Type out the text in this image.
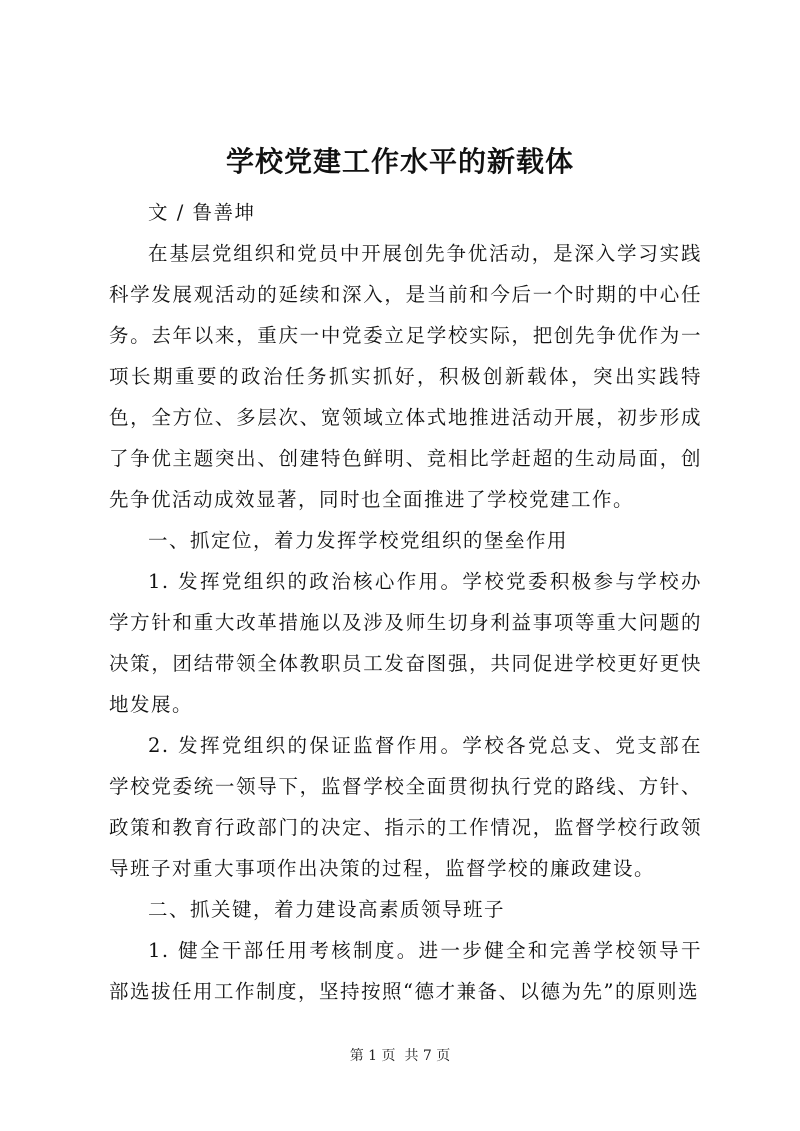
学校党建工作水平的新载体

文 / 鲁善坤

在基层党组织和党员中开展创先争优活动，是深入学习实践科学发展观活动的延续和深入，是当前和今后一个时期的中心任务。去年以来，重庆一中党委立足学校实际，把创先争优作为一项长期重要的政治任务抓实抓好，积极创新载体，突出实践特色，全方位、多层次、宽领域立体式地推进活动开展，初步形成了争优主题突出、创建特色鲜明、竞相比学赶超的生动局面，创先争优活动成效显著，同时也全面推进了学校党建工作。

一、抓定位，着力发挥学校党组织的堡垒作用

1. 发挥党组织的政治核心作用。学校党委积极参与学校办学方针和重大改革措施以及涉及师生切身利益事项等重大问题的决策，团结带领全体教职员工发奋图强，共同促进学校更好更快地发展。

2. 发挥党组织的保证监督作用。学校各党总支、党支部在学校党委统一领导下，监督学校全面贯彻执行党的路线、方针、政策和教育行政部门的决定、指示的工作情况，监督学校行政领导班子对重大事项作出决策的过程，监督学校的廉政建设。

二、抓关键，着力建设高素质领导班子

1. 健全干部任用考核制度。进一步健全和完善学校领导干部选拔任用工作制度，坚持按照“德才兼备、以德为先”的原则选

第 1 页  共 7 页
